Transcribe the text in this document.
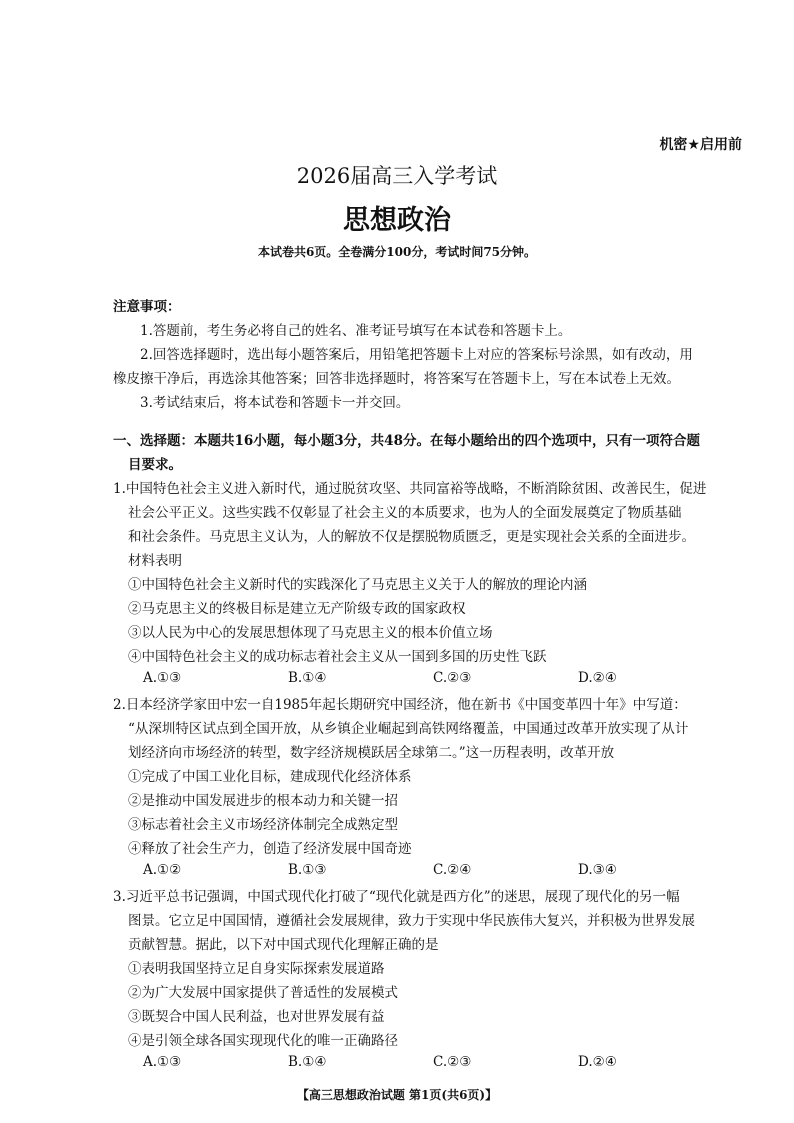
机密★启用前
2026届高三入学考试
思想政治
本试卷共6页。全卷满分100分，考试时间75分钟。
注意事项：
1.答题前，考生务必将自己的姓名、准考证号填写在本试卷和答题卡上。
2.回答选择题时，选出每小题答案后，用铅笔把答题卡上对应的答案标号涂黑，如有改动，用
橡皮擦干净后，再选涂其他答案；回答非选择题时，将答案写在答题卡上，写在本试卷上无效。
3.考试结束后，将本试卷和答题卡一并交回。
一、选择题：本题共16小题，每小题3分，共48分。在每小题给出的四个选项中，只有一项符合题
目要求。
1.中国特色社会主义进入新时代，通过脱贫攻坚、共同富裕等战略，不断消除贫困、改善民生，促进
社会公平正义。这些实践不仅彰显了社会主义的本质要求，也为人的全面发展奠定了物质基础
和社会条件。马克思主义认为，人的解放不仅是摆脱物质匮乏，更是实现社会关系的全面进步。
材料表明
①中国特色社会主义新时代的实践深化了马克思主义关于人的解放的理论内涵
②马克思主义的终极目标是建立无产阶级专政的国家政权
③以人民为中心的发展思想体现了马克思主义的根本价值立场
④中国特色社会主义的成功标志着社会主义从一国到多国的历史性飞跃
A.①③	B.①④	C.②③	D.②④
2.日本经济学家田中宏一自1985年起长期研究中国经济，他在新书《中国变革四十年》中写道：
“从深圳特区试点到全国开放，从乡镇企业崛起到高铁网络覆盖，中国通过改革开放实现了从计
划经济向市场经济的转型，数字经济规模跃居全球第二。”这一历程表明，改革开放
①完成了中国工业化目标，建成现代化经济体系
②是推动中国发展进步的根本动力和关键一招
③标志着社会主义市场经济体制完全成熟定型
④释放了社会生产力，创造了经济发展中国奇迹
A.①②	B.①③	C.②④	D.③④
3.习近平总书记强调，中国式现代化打破了“现代化就是西方化”的迷思，展现了现代化的另一幅
图景。它立足中国国情，遵循社会发展规律，致力于实现中华民族伟大复兴，并积极为世界发展
贡献智慧。据此，以下对中国式现代化理解正确的是
①表明我国坚持立足自身实际探索发展道路
②为广大发展中国家提供了普适性的发展模式
③既契合中国人民利益，也对世界发展有益
④是引领全球各国实现现代化的唯一正确路径
A.①③	B.①④	C.②③	D.②④
【高三思想政治试题 第1页(共6页)】
